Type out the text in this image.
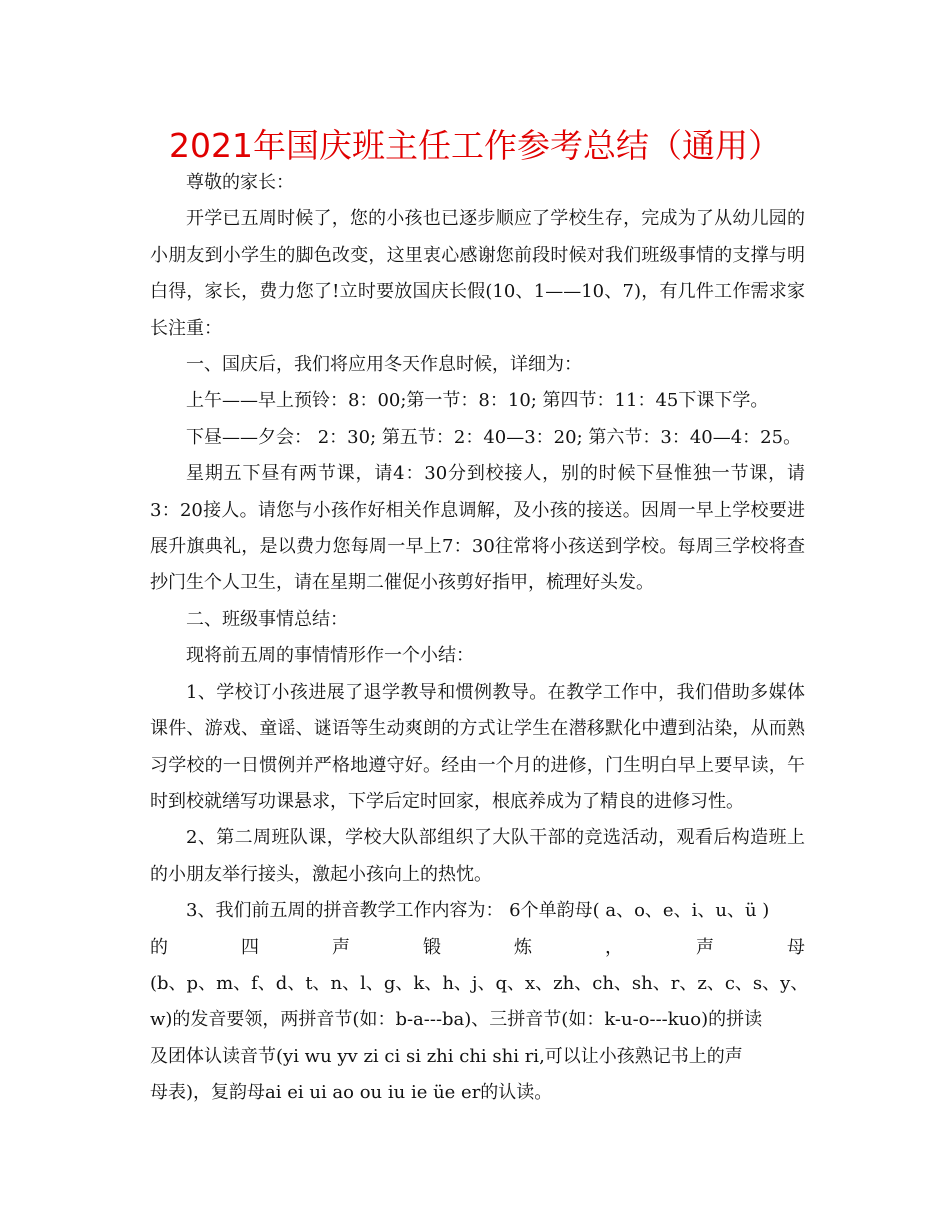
2021年国庆班主任工作参考总结（通用）

尊敬的家长：

开学已五周时候了，您的小孩也已逐步顺应了学校生存，完成为了从幼儿园的小朋友到小学生的脚色改变，这里衷心感谢您前段时候对我们班级事情的支撑与明白得，家长，费力您了!立时要放国庆长假(10、1——10、7)，有几件工作需求家长注重：

一、国庆后，我们将应用冬天作息时候，详细为：

上午——早上预铃：8：00;第一节：8：10; 第四节：11：45下课下学。

下昼——夕会： 2：30; 第五节：2：40—3：20; 第六节：3：40—4：25。

星期五下昼有两节课，请4：30分到校接人，别的时候下昼惟独一节课，请3：20接人。请您与小孩作好相关作息调解，及小孩的接送。因周一早上学校要进展升旗典礼，是以费力您每周一早上7：30往常将小孩送到学校。每周三学校将查抄门生个人卫生，请在星期二催促小孩剪好指甲，梳理好头发。

二、班级事情总结：

现将前五周的事情情形作一个小结：

1、学校订小孩进展了退学教导和惯例教导。在教学工作中，我们借助多媒体课件、游戏、童谣、谜语等生动爽朗的方式让学生在潜移默化中遭到沾染，从而熟习学校的一日惯例并严格地遵守好。经由一个月的进修，门生明白早上要早读，午时到校就缮写功课悬求，下学后定时回家，根底养成为了精良的进修习性。

2、第二周班队课，学校大队部组织了大队干部的竞选活动，观看后构造班上的小朋友举行接头，激起小孩向上的热忱。

3、我们前五周的拼音教学工作内容为： 6个单韵母( a、o、e、i、u、ü )
的	四	声	锻	炼	，	声	母
(b、p、m、f、d、t、n、l、g、k、h、j、q、x、zh、ch、sh、r、z、c、s、y、
w)的发音要领，两拼音节(如：b-a---ba)、三拼音节(如：k-u-o---kuo)的拼读
及团体认读音节(yi wu yv zi ci si zhi chi shi ri,可以让小孩熟记书上的声
母表)，复韵母ai ei ui ao ou iu ie üe er的认读。
